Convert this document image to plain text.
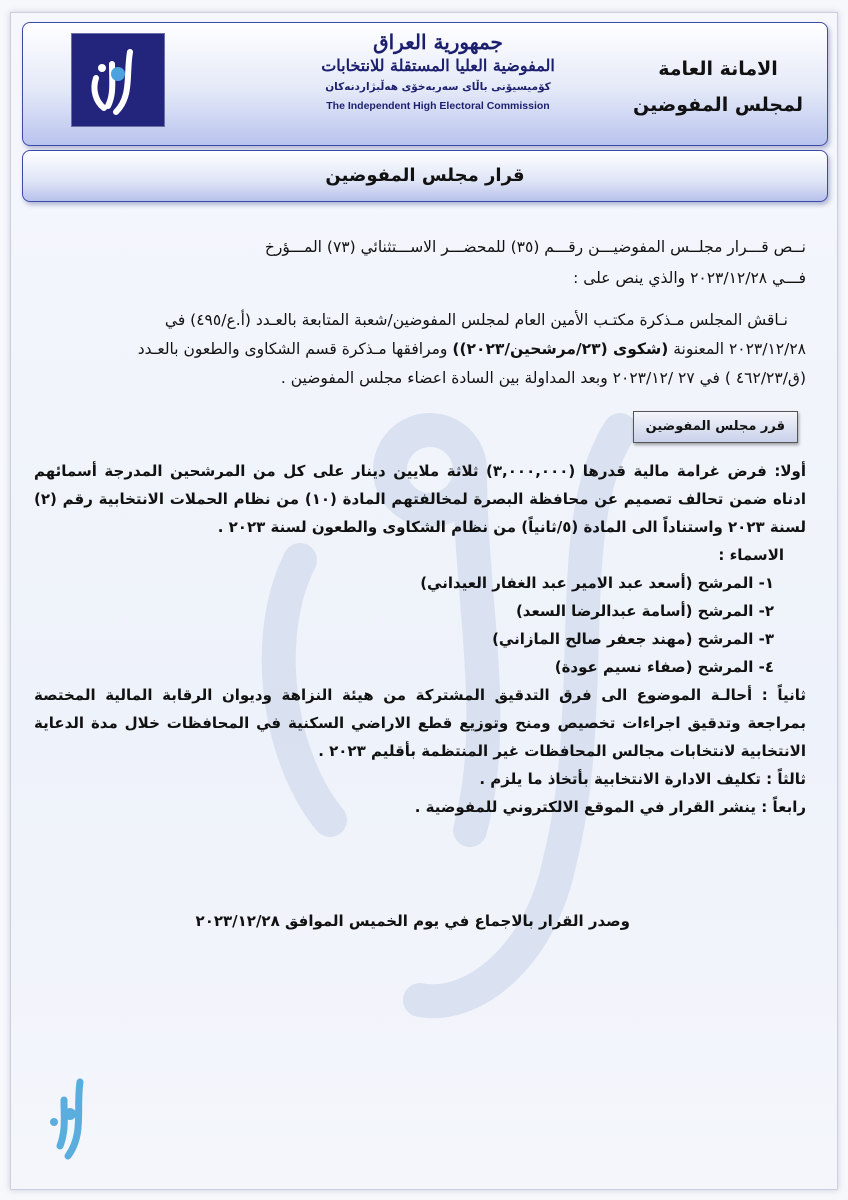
الامانة العامة
لمجلس المفوضين
جمهورية العراق
المفوضية العليا المستقلة للانتخابات
كۆمیسیۆنی باڵای سەربەخۆی هەڵبژاردنەکان
The Independent High Electoral Commission
قرار مجلس المفوضين

نــص قـــرار مجلــس المفوضيـــن رقـــم (٣٥) للمحضـــر الاســـتثنائي (٧٣) المـــؤرخ
فـــي ٢٠٢٣/١٢/٢٨ والذي ينص على :

نـاقش المجلس مـذكرة مكتـب الأمين العام لمجلس المفوضين/شعبة المتابعة بالعـدد (أ.ع/٤٩٥) في
٢٠٢٣/١٢/٢٨ المعنونة (شكوى (٢٣/مرشحين/٢٠٢٣)) ومرافقها مـذكرة قسم الشكاوى والطعون بالعـدد
(ق/٤٦٢/٢٣ ) في ٢٧ /٢٠٢٣/١٢ وبعد المداولة بين السادة اعضاء مجلس المفوضين .

قرر مجلس المفوضين

أولا: فرض غرامة مالية قدرها (٣,٠٠٠,٠٠٠) ثلاثة ملايين دينار على كل من المرشحين المدرجة أسمائهم ادناه ضمن تحالف تصميم عن محافظة البصرة لمخالفتهم المادة (١٠) من نظام الحملات الانتخابية رقم (٢) لسنة ٢٠٢٣ واستناداً الى المادة (٥/ثانياً) من نظام الشكاوى والطعون لسنة ٢٠٢٣ .

الاسماء :

١- المرشح (أسعد عبد الامير عبد الغفار العيداني)
٢- المرشح (أسامة عبدالرضا السعد)
٣- المرشح (مهند جعفر صالح المازاني)
٤- المرشح (صفاء نسيم عودة)

ثانياً : أحالـة الموضوع الى فرق التدقيق المشتركة من هيئة النزاهة وديوان الرقابة المالية المختصة بمراجعة وتدقيق اجراءات تخصيص ومنح وتوزيع قطع الاراضي السكنية في المحافظات خلال مدة الدعاية الانتخابية لانتخابات مجالس المحافظات غير المنتظمة بأقليم ٢٠٢٣ .

ثالثاً : تكليف الادارة الانتخابية بأتخاذ ما يلزم .

رابعاً : ينشر القرار في الموقع الالكتروني للمفوضية .

وصدر القرار بالاجماع في يوم الخميس الموافق ٢٠٢٣/١٢/٢٨
